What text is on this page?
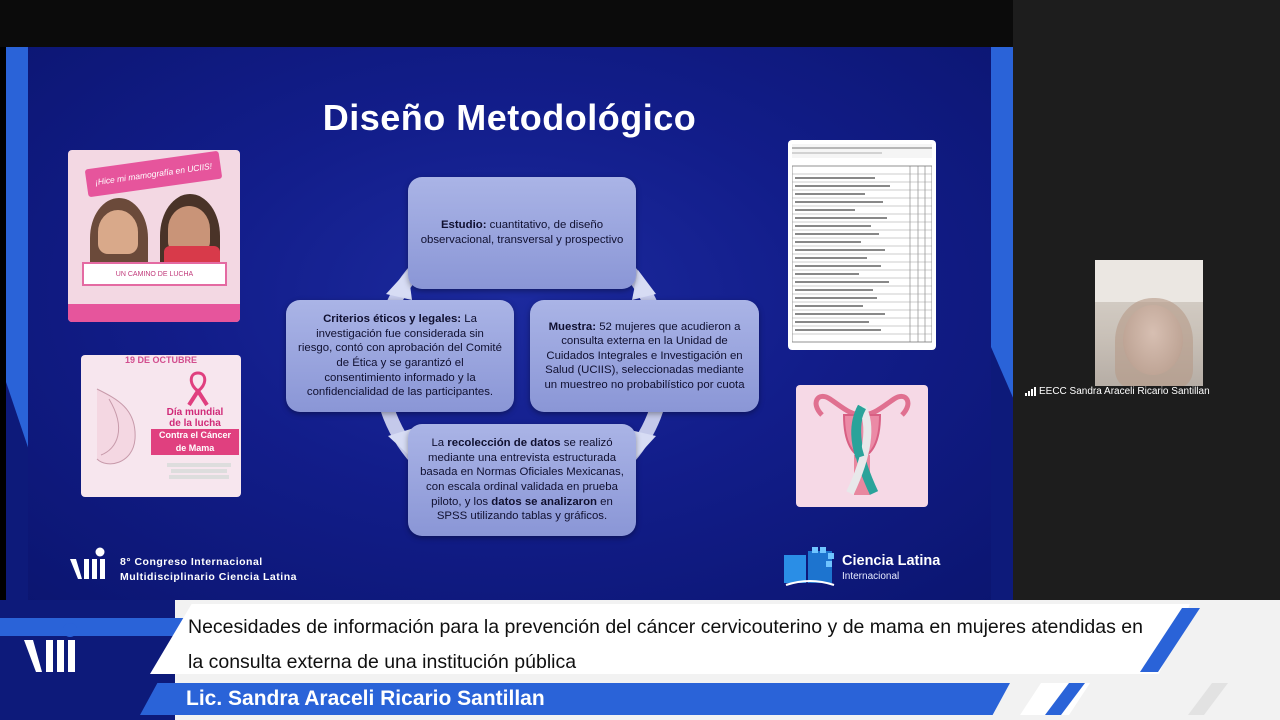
Diseño Metodológico
Estudio: cuantitativo, de diseño observacional, transversal y prospectivo
Criterios éticos y legales: La investigación fue considerada sin riesgo, contó con aprobación del Comité de Ética y se garantizó el consentimiento informado y la confidencialidad de las participantes.
Muestra: 52 mujeres que acudieron a consulta externa en la Unidad de Cuidados Integrales e Investigación en Salud (UCIIS), seleccionadas mediante un muestreo no probabilístico por cuota
La recolección de datos se realizó mediante una entrevista estructurada basada en Normas Oficiales Mexicanas, con escala ordinal validada en prueba piloto, y los datos se analizaron en SPSS utilizando tablas y gráficos.
¡Hice mi mamografía en UCIIS!
UN CAMINO DE LUCHA
19 DE OCTUBRE
Día mundial
de la lucha
Contra el Cáncer
de Mama
8° Congreso Internacional
Multidisciplinario Ciencia Latina
Ciencia Latina
Internacional
EECC Sandra Araceli Ricario Santillan
Necesidades de información para la prevención del cáncer cervicouterino y de mama en mujeres atendidas en la consulta externa de una institución pública
Lic. Sandra Araceli Ricario Santillan
